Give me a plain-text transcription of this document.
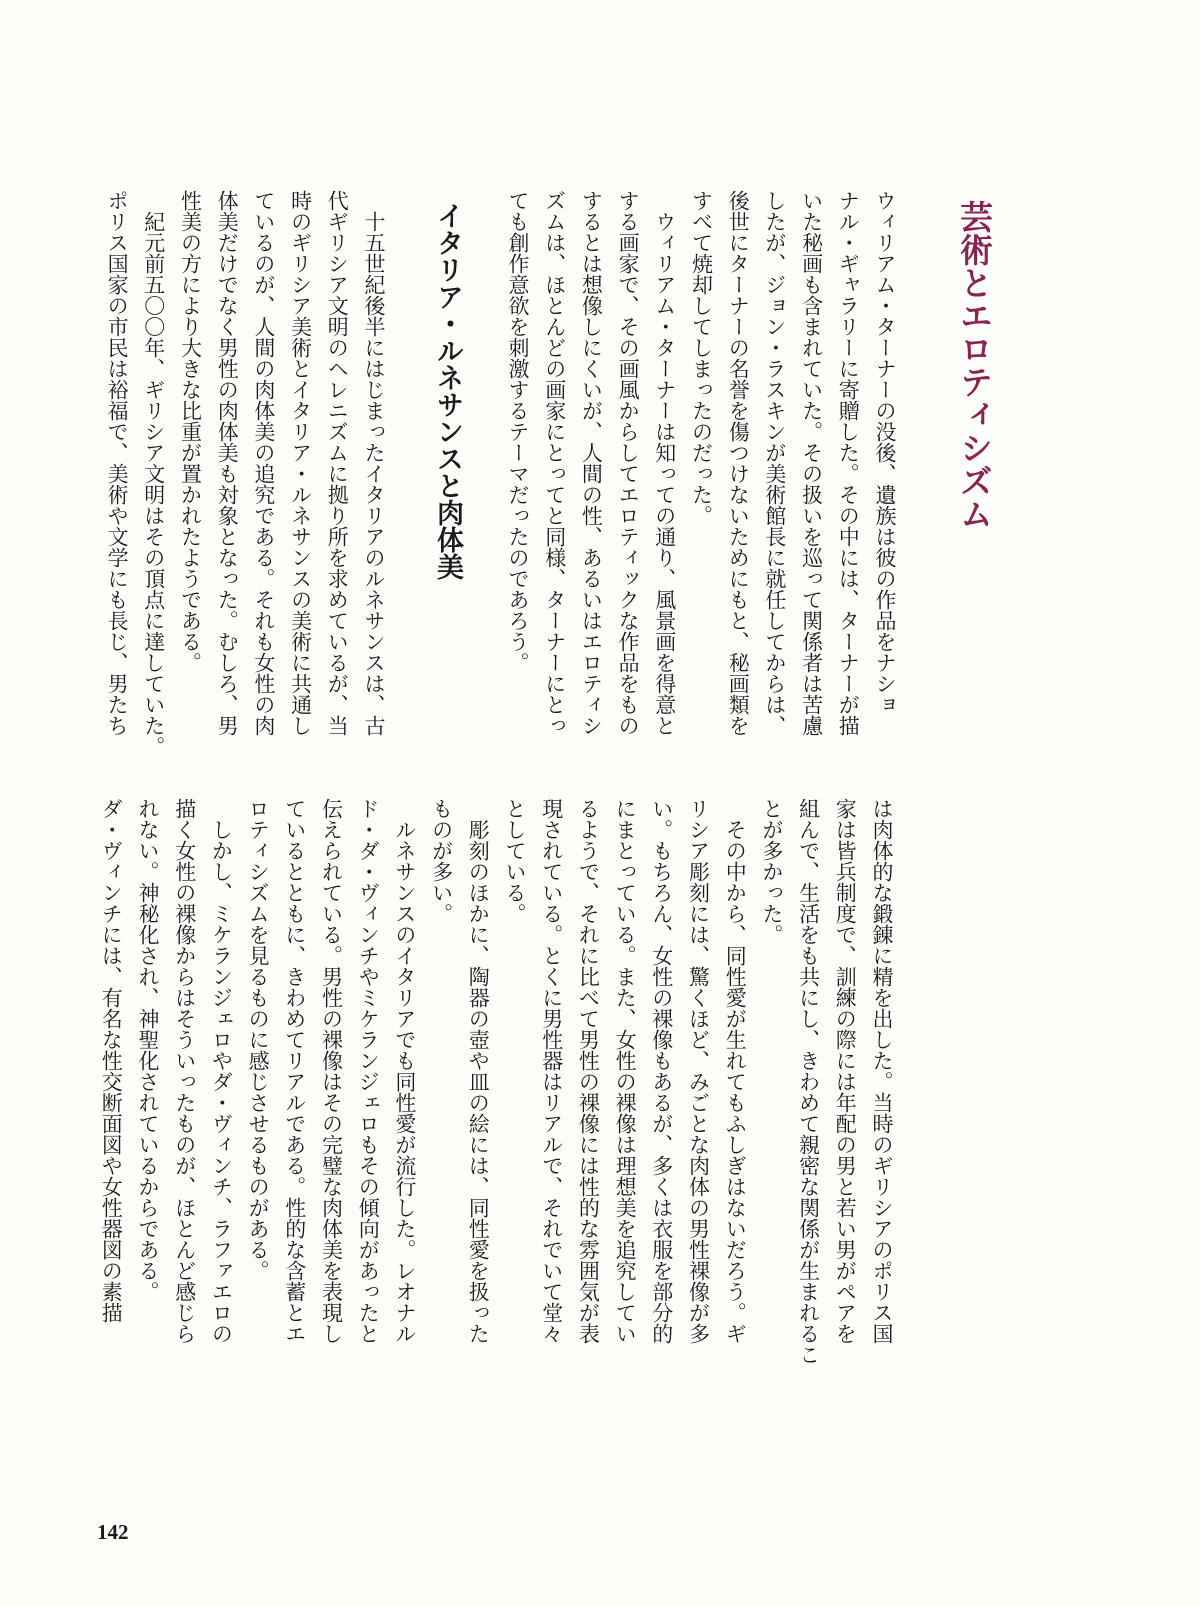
芸術とエロティシズム
イタリア・ルネサンスと肉体美	ウィリアム・ターナーの没後、遺族は彼の作品をナショ
ナル・ギャラリーに寄贈した。その中には、ターナーが描
いた秘画も含まれていた。その扱いを巡って関係者は苦慮
したが、ジョン・ラスキンが美術館長に就任してからは、
後世にターナーの名誉を傷つけないためにもと、秘画類を
すべて焼却してしまったのだった。
　ウィリアム・ターナーは知っての通り、風景画を得意と
する画家で、その画風からしてエロティックな作品をもの
するとは想像しにくいが、人間の性、あるいはエロティシ
ズムは、ほとんどの画家にとってと同様、ターナーにとっ
ても創作意欲を刺激するテーマだったのであろう。
　十五世紀後半にはじまったイタリアのルネサンスは、古
代ギリシア文明のヘレニズムに拠り所を求めているが、当
時のギリシア美術とイタリア・ルネサンスの美術に共通し
ているのが、人間の肉体美の追究である。それも女性の肉
体美だけでなく男性の肉体美も対象となった。むしろ、男
性美の方により大きな比重が置かれたようである。
　紀元前五〇〇年、ギリシア文明はその頂点に達していた。
ポリス国家の市民は裕福で、美術や文学にも長じ、男たち
は肉体的な鍛錬に精を出した。当時のギリシアのポリス国
家は皆兵制度で、訓練の際には年配の男と若い男がペアを
組んで、生活をも共にし、きわめて親密な関係が生まれるこ
とが多かった。
　その中から、同性愛が生れてもふしぎはないだろう。ギ
リシア彫刻には、驚くほど、みごとな肉体の男性裸像が多
い。もちろん、女性の裸像もあるが、多くは衣服を部分的
にまとっている。また、女性の裸像は理想美を追究してい
るようで、それに比べて男性の裸像には性的な雰囲気が表
現されている。とくに男性器はリアルで、それでいて堂々
としている。
　彫刻のほかに、陶器の壺や皿の絵には、同性愛を扱った
ものが多い。
　ルネサンスのイタリアでも同性愛が流行した。レオナル
ド・ダ・ヴィンチやミケランジェロもその傾向があったと
伝えられている。男性の裸像はその完璧な肉体美を表現し
ているとともに、きわめてリアルである。性的な含蓄とエ
ロティシズムを見るものに感じさせるものがある。
　しかし、ミケランジェロやダ・ヴィンチ、ラファエロの
描く女性の裸像からはそういったものが、ほとんど感じら
れない。神秘化され、神聖化されているからである。
ダ・ヴィンチには、有名な性交断面図や女性器図の素描
142
